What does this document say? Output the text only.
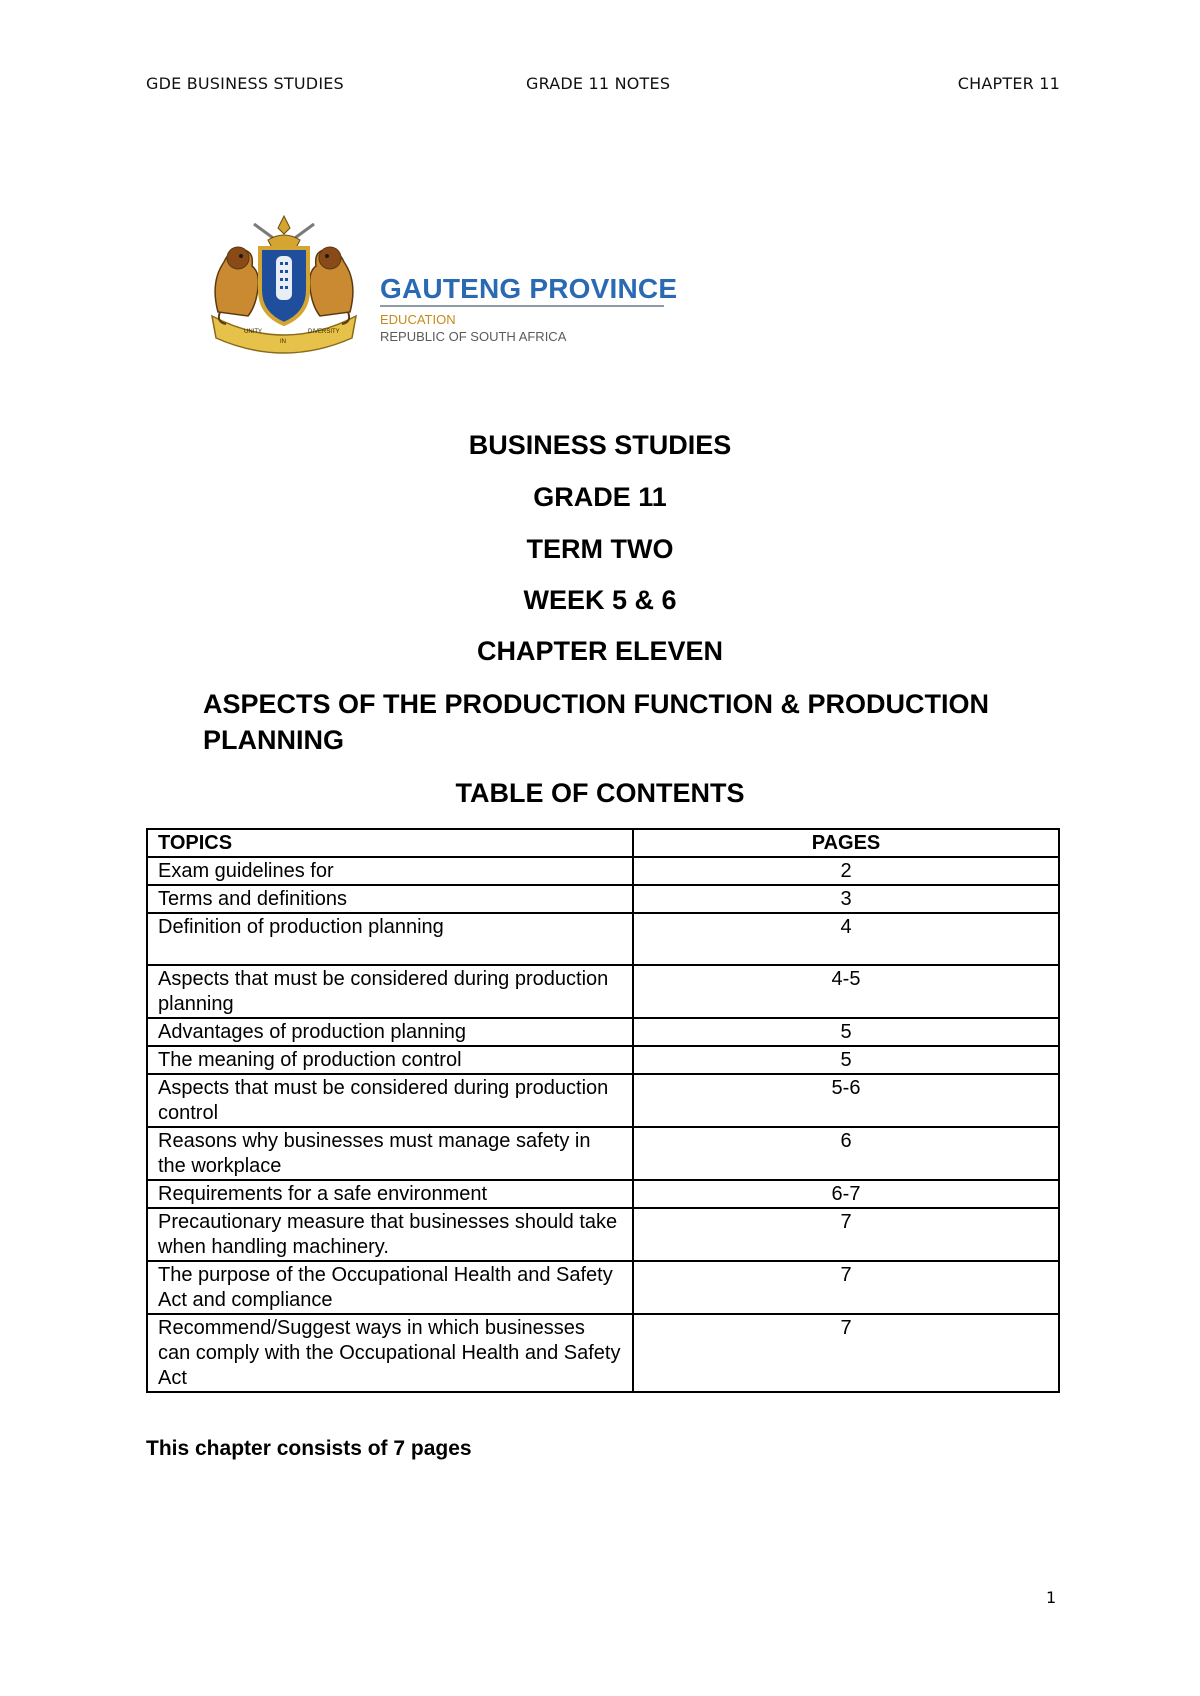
GDE BUSINESS STUDIES	GRADE 11 NOTES	CHAPTER 11
UNITY
IN
DIVERSITY
GAUTENG PROVINCE
EDUCATION
REPUBLIC OF SOUTH AFRICA
BUSINESS STUDIES
GRADE 11
TERM TWO
WEEK 5 & 6
CHAPTER ELEVEN
ASPECTS OF THE PRODUCTION FUNCTION & PRODUCTION PLANNING
TABLE OF CONTENTS
TOPICS	PAGES
Exam guidelines for	2
Terms and definitions	3
Definition of production planning	4
Aspects that must be considered during production planning	4-5
Advantages of production planning	5
The meaning of production control	5
Aspects that must be considered during production control	5-6
Reasons why businesses must manage safety in the workplace	6
Requirements for a safe environment	6-7
Precautionary measure that businesses should take when handling machinery.	7
The purpose of the Occupational Health and Safety Act and compliance	7
Recommend/Suggest ways in which businesses can comply with the Occupational Health and Safety Act	7
This chapter consists of 7 pages
1
